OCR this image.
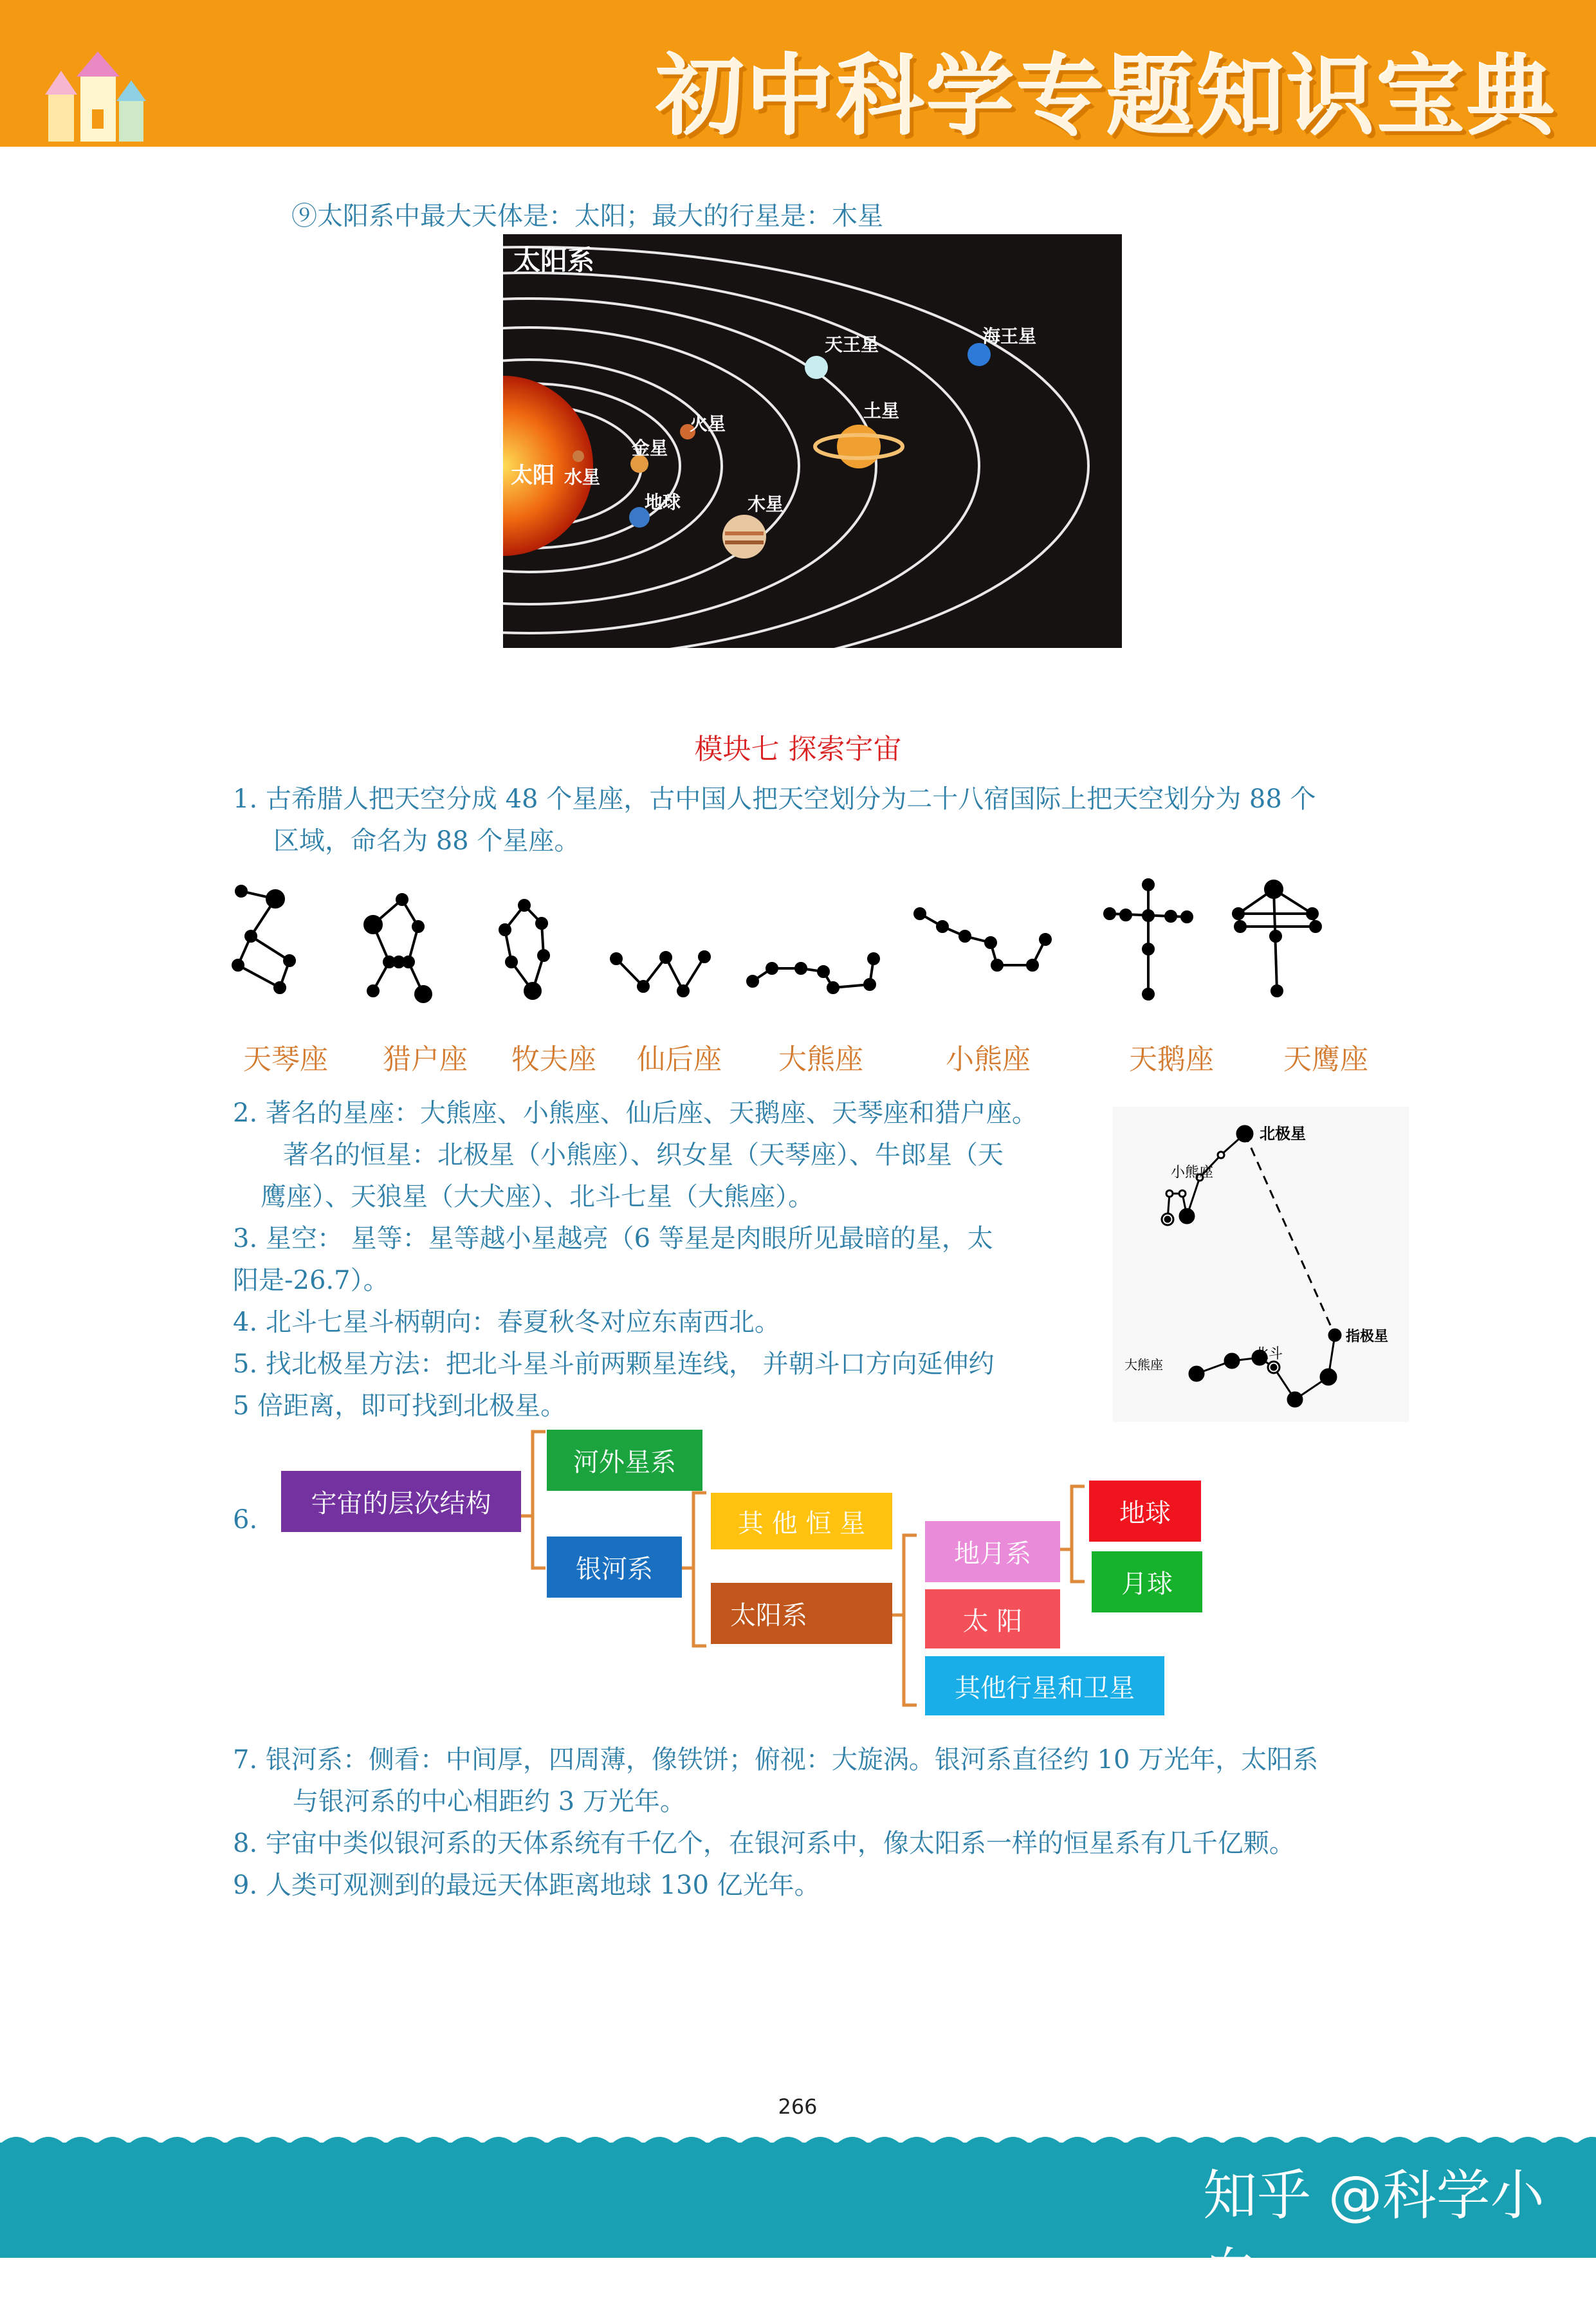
初中科学专题知识宝典
⑨太阳系中最大天体是：太阳；最大的行星是：木星
太阳系
太阳 水星
金星
地球
火星
木星
土星
天王星	海王星
模块七 探索宇宙
1. 古希腊人把天空分成 48 个星座，古中国人把天空划分为二十八宿国际上把天空划分为 88 个
区域，命名为 88 个星座。
天琴座 猎户座 牧夫座 仙后座 大熊座	小熊座	天鹅座 天鹰座
2. 著名的星座：大熊座、小熊座、仙后座、天鹅座、天琴座和猎户座。
著名的恒星：北极星（小熊座）、织女星（天琴座）、牛郎星（天
鹰座）、天狼星（大犬座）、北斗七星（大熊座）。
3. 星空： 星等：星等越小星越亮（6 等星是肉眼所见最暗的星，太
阳是-26.7）。
4. 北斗七星斗柄朝向：春夏秋冬对应东南西北。
5. 找北极星方法：把北斗星斗前两颗星连线， 并朝斗口方向延伸约
5 倍距离，即可找到北极星。
北极星
小熊座
指极星
大熊座
北斗
6.
宇宙的层次结构
河外星系
银河系
其 他 恒 星
太阳系
地月系
太 阳
其他行星和卫星
地球
月球
7. 银河系：侧看：中间厚，四周薄，像铁饼；俯视：大旋涡。银河系直径约 10 万光年，太阳系
与银河系的中心相距约 3 万光年。
8. 宇宙中类似银河系的天体系统有千亿个，在银河系中，像太阳系一样的恒星系有几千亿颗。
9. 人类可观测到的最远天体距离地球 130 亿光年。
266
知乎 @科学小白
